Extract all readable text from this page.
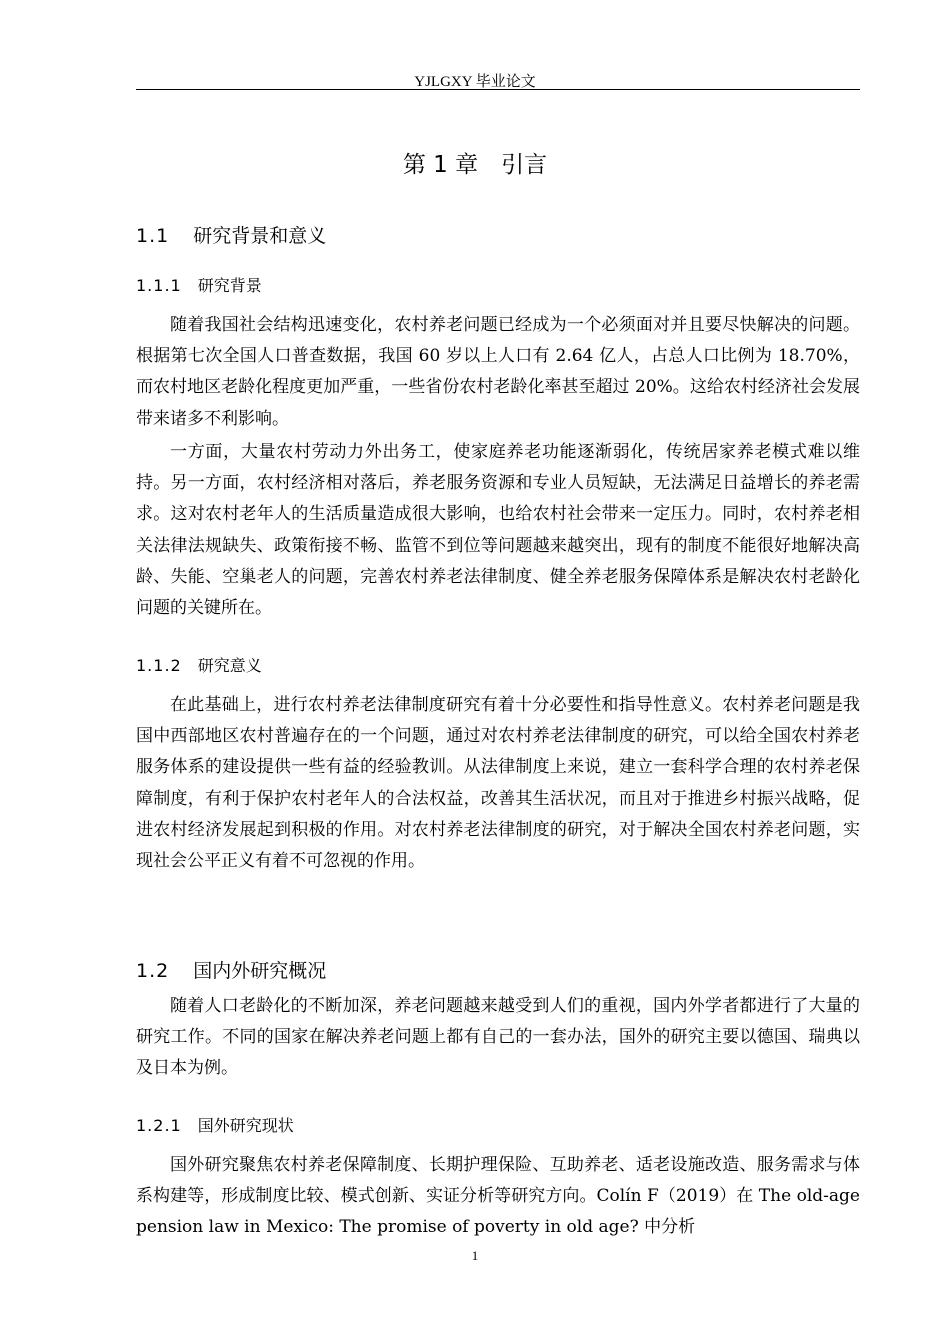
YJLGXY 毕业论文
第 1 章　引言
1.1 研究背景和意义
1.1.1 研究背景

随着我国社会结构迅速变化，农村养老问题已经成为一个必须面对并且要尽快解决的问题。根据第七次全国人口普查数据，我国 60 岁以上人口有 2.64 亿人，占总人口比例为 18.70%，而农村地区老龄化程度更加严重，一些省份农村老龄化率甚至超过 20%。这给农村经济社会发展带来诸多不利影响。

一方面，大量农村劳动力外出务工，使家庭养老功能逐渐弱化，传统居家养老模式难以维持。另一方面，农村经济相对落后，养老服务资源和专业人员短缺，无法满足日益增长的养老需求。这对农村老年人的生活质量造成很大影响，也给农村社会带来一定压力。同时，农村养老相关法律法规缺失、政策衔接不畅、监管不到位等问题越来越突出，现有的制度不能很好地解决高龄、失能、空巢老人的问题，完善农村养老法律制度、健全养老服务保障体系是解决农村老龄化问题的关键所在。

1.1.2 研究意义

在此基础上，进行农村养老法律制度研究有着十分必要性和指导性意义。农村养老问题是我国中西部地区农村普遍存在的一个问题，通过对农村养老法律制度的研究，可以给全国农村养老服务体系的建设提供一些有益的经验教训。从法律制度上来说，建立一套科学合理的农村养老保障制度，有利于保护农村老年人的合法权益，改善其生活状况，而且对于推进乡村振兴战略，促进农村经济发展起到积极的作用。对农村养老法律制度的研究，对于解决全国农村养老问题，实现社会公平正义有着不可忽视的作用。

1.2 国内外研究概况

随着人口老龄化的不断加深，养老问题越来越受到人们的重视，国内外学者都进行了大量的研究工作。不同的国家在解决养老问题上都有自己的一套办法，国外的研究主要以德国、瑞典以及日本为例。

1.2.1 国外研究现状

国外研究聚焦农村养老保障制度、长期护理保险、互助养老、适老设施改造、服务需求与体系构建等，形成制度比较、模式创新、实证分析等研究方向。Colín F（2019）在 The old-age pension law in Mexico: The promise of poverty in old age? 中分析

1
